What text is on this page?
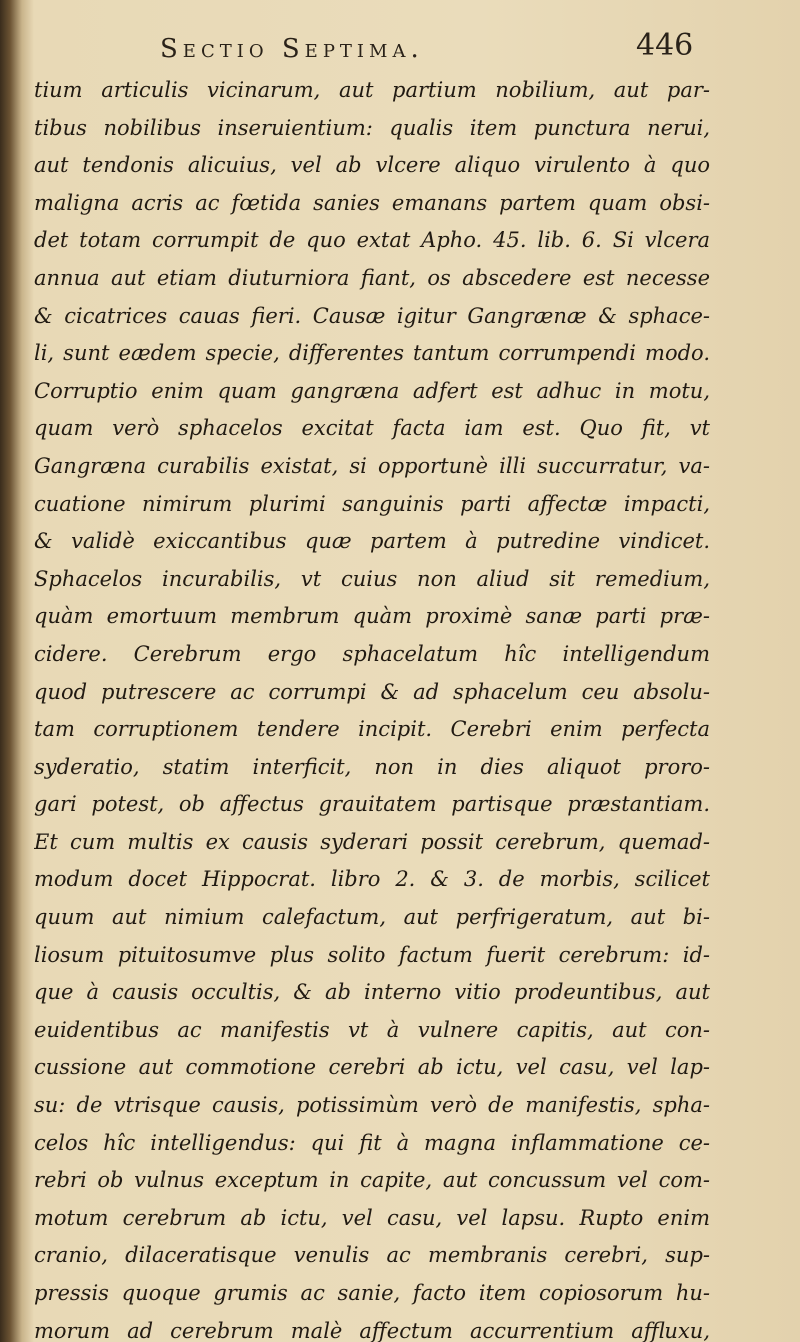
Sectio Septima.	446
tium articulis vicinarum, aut partium nobilium, aut par-
tibus nobilibus inseruientium: qualis item punctura nerui,
aut tendonis alicuius, vel ab vlcere aliquo virulento à quo
maligna acris ac fœtida sanies emanans partem quam obsi-
det totam corrumpit de quo extat Apho. 45. lib. 6. Si vlcera
annua aut etiam diuturniora fiant, os abscedere est necesse
& cicatrices cauas fieri. Causæ igitur Gangrænæ & sphace-
li, sunt eædem specie, differentes tantum corrumpendi modo.
Corruptio enim quam gangræna adfert est adhuc in motu,
quam verò sphacelos excitat facta iam est. Quo fit, vt
Gangræna curabilis existat, si opportunè illi succurratur, va-
cuatione nimirum plurimi sanguinis parti affectæ impacti,
& validè exiccantibus quæ partem à putredine vindicet.
Sphacelos incurabilis, vt cuius non aliud sit remedium,
quàm emortuum membrum quàm proximè sanæ parti præ-
cidere. Cerebrum ergo sphacelatum hîc intelligendum
quod putrescere ac corrumpi & ad sphacelum ceu absolu-
tam corruptionem tendere incipit. Cerebri enim perfecta
syderatio, statim interficit, non in dies aliquot proro-
gari potest, ob affectus grauitatem partisque præstantiam.
Et cum multis ex causis syderari possit cerebrum, quemad-
modum docet Hippocrat. libro 2. & 3. de morbis, scilicet
quum aut nimium calefactum, aut perfrigeratum, aut bi-
liosum pituitosumve plus solito factum fuerit cerebrum: id-
que à causis occultis, & ab interno vitio prodeuntibus, aut
euidentibus ac manifestis vt à vulnere capitis, aut con-
cussione aut commotione cerebri ab ictu, vel casu, vel lap-
su: de vtrisque causis, potissimùm verò de manifestis, spha-
celos hîc intelligendus: qui fit à magna inflammatione ce-
rebri ob vulnus exceptum in capite, aut concussum vel com-
motum cerebrum ab ictu, vel casu, vel lapsu. Rupto enim
cranio, dilaceratisque venulis ac membranis cerebri, sup-
pressis quoque grumis ac sanie, facto item copiosorum hu-
morum ad cerebrum malè affectum accurrentium affluxu,
